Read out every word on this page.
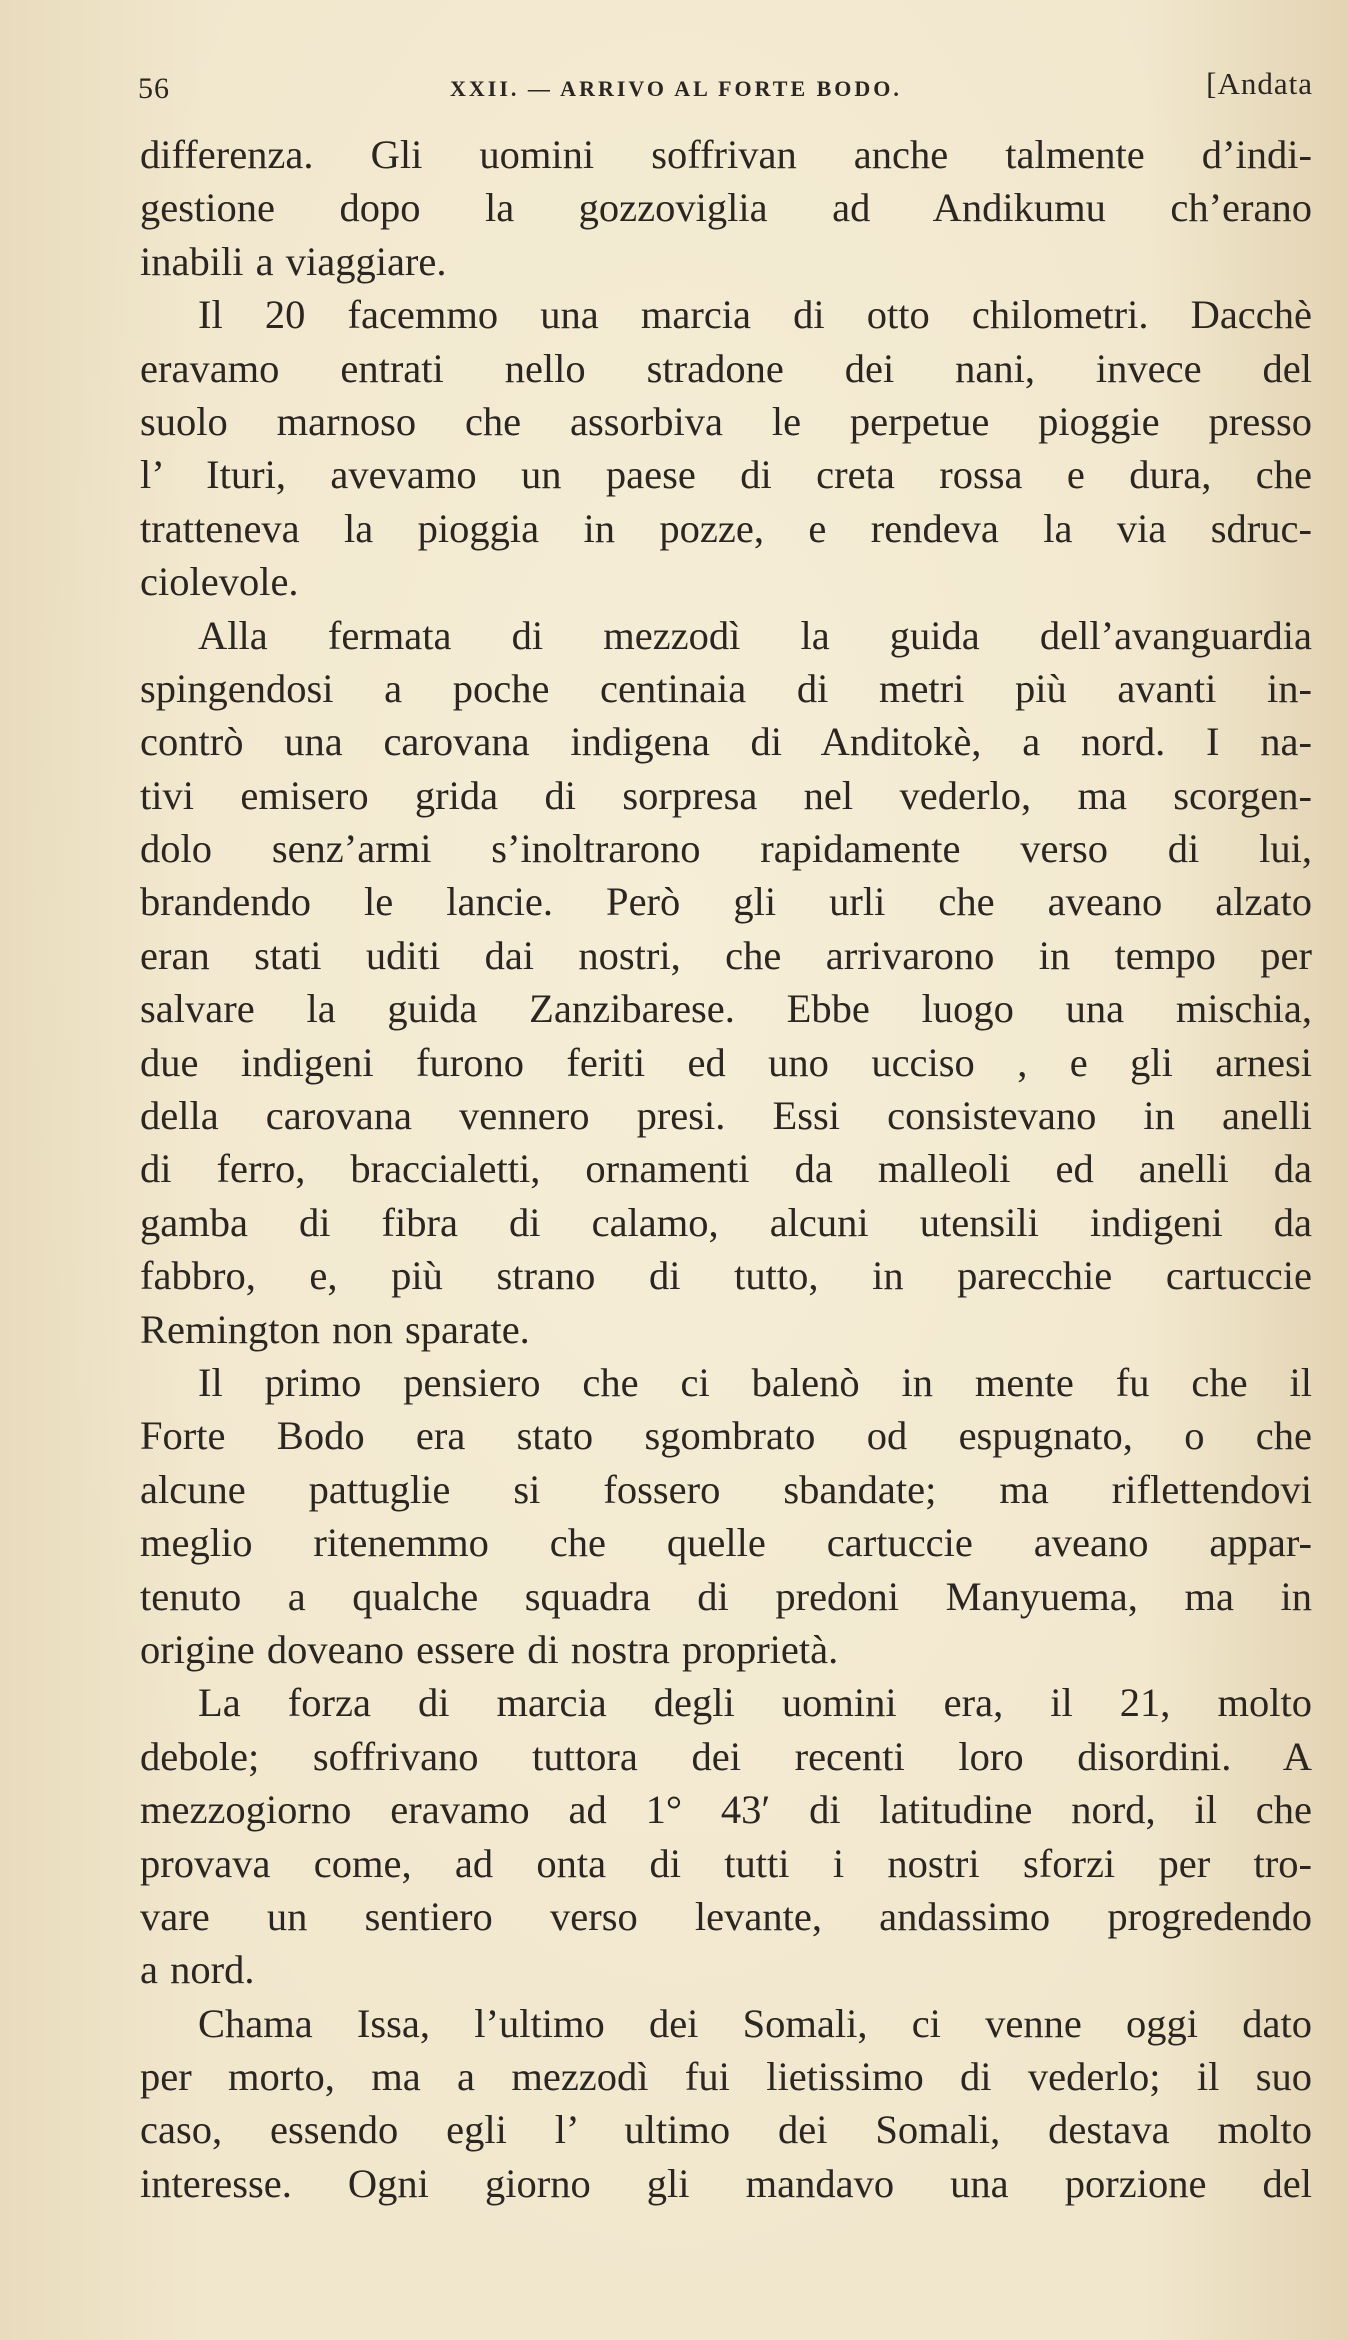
56	XXII. — ARRIVO AL FORTE BODO.	[Andata
differenza. Gli uomini soffrivan anche talmente d’indi-
gestione dopo la gozzoviglia ad Andikumu ch’erano
inabili a viaggiare.
Il 20 facemmo una marcia di otto chilometri. Dacchè
eravamo entrati nello stradone dei nani, invece del
suolo marnoso che assorbiva le perpetue pioggie presso
l’ Ituri, avevamo un paese di creta rossa e dura, che
tratteneva la pioggia in pozze, e rendeva la via sdruc-
ciolevole.
Alla fermata di mezzodì la guida dell’avanguardia
spingendosi a poche centinaia di metri più avanti in-
contrò una carovana indigena di Anditokè, a nord. I na-
tivi emisero grida di sorpresa nel vederlo, ma scorgen-
dolo senz’armi s’inoltrarono rapidamente verso di lui,
brandendo le lancie. Però gli urli che aveano alzato
eran stati uditi dai nostri, che arrivarono in tempo per
salvare la guida Zanzibarese. Ebbe luogo una mischia,
due indigeni furono feriti ed uno ucciso , e gli arnesi
della carovana vennero presi. Essi consistevano in anelli
di ferro, braccialetti, ornamenti da malleoli ed anelli da
gamba di fibra di calamo, alcuni utensili indigeni da
fabbro, e, più strano di tutto, in parecchie cartuccie
Remington non sparate.
Il primo pensiero che ci balenò in mente fu che il
Forte Bodo era stato sgombrato od espugnato, o che
alcune pattuglie si fossero sbandate; ma riflettendovi
meglio ritenemmo che quelle cartuccie aveano appar-
tenuto a qualche squadra di predoni Manyuema, ma in
origine doveano essere di nostra proprietà.
La forza di marcia degli uomini era, il 21, molto
debole; soffrivano tuttora dei recenti loro disordini. A
mezzogiorno eravamo ad 1° 43′ di latitudine nord, il che
provava come, ad onta di tutti i nostri sforzi per tro-
vare un sentiero verso levante, andassimo progredendo
a nord.
Chama Issa, l’ultimo dei Somali, ci venne oggi dato
per morto, ma a mezzodì fui lietissimo di vederlo; il suo
caso, essendo egli l’ ultimo dei Somali, destava molto
interesse. Ogni giorno gli mandavo una porzione del
